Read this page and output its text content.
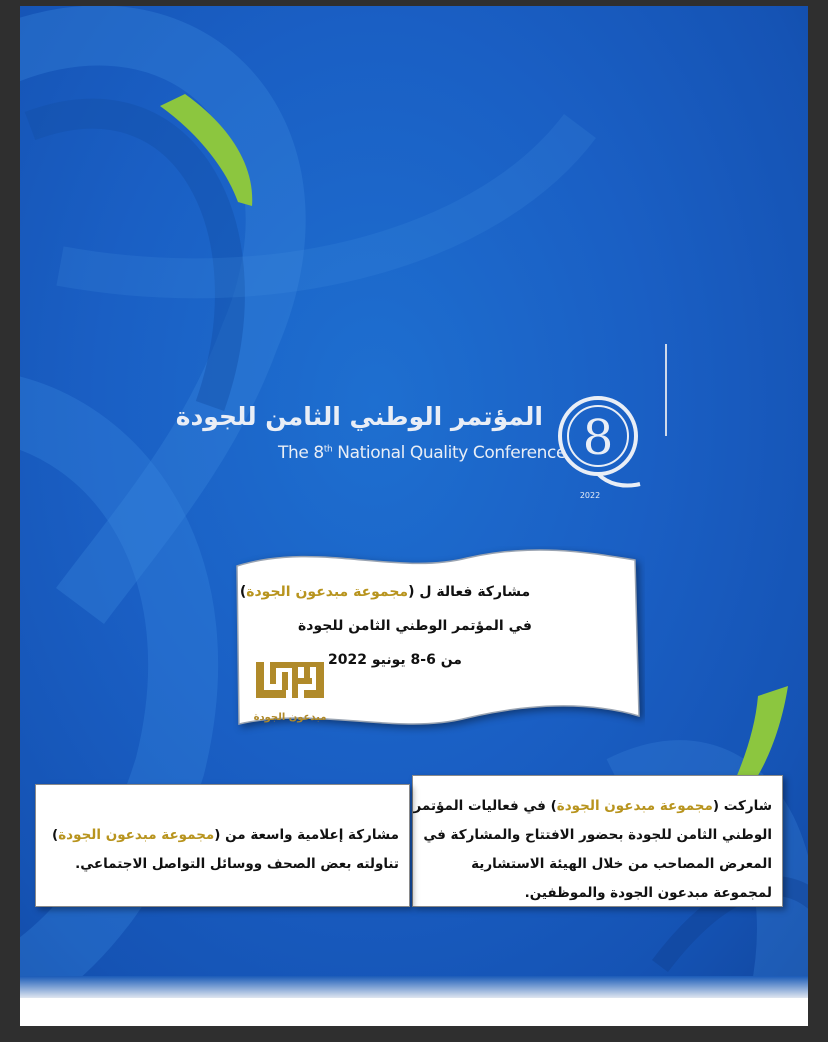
8
2022
المؤتمر الوطني الثامن للجودة
The 8th National Quality Conference
مشاركة فعالة ل (مجموعة مبدعون الجودة)
في المؤتمر الوطني الثامن للجودة
من 6-8 يونيو 2022
مبدعون الجودة
شاركت (مجموعة مبدعون الجودة) في فعاليات المؤتمر
الوطني الثامن للجودة بحضور الافتتاح والمشاركة في
المعرض المصاحب من خلال الهيئة الاستشارية
لمجموعة مبدعون الجودة والموظفين.
مشاركة إعلامية واسعة من (مجموعة مبدعون الجودة)
تناولته بعض الصحف ووسائل التواصل الاجتماعي.
